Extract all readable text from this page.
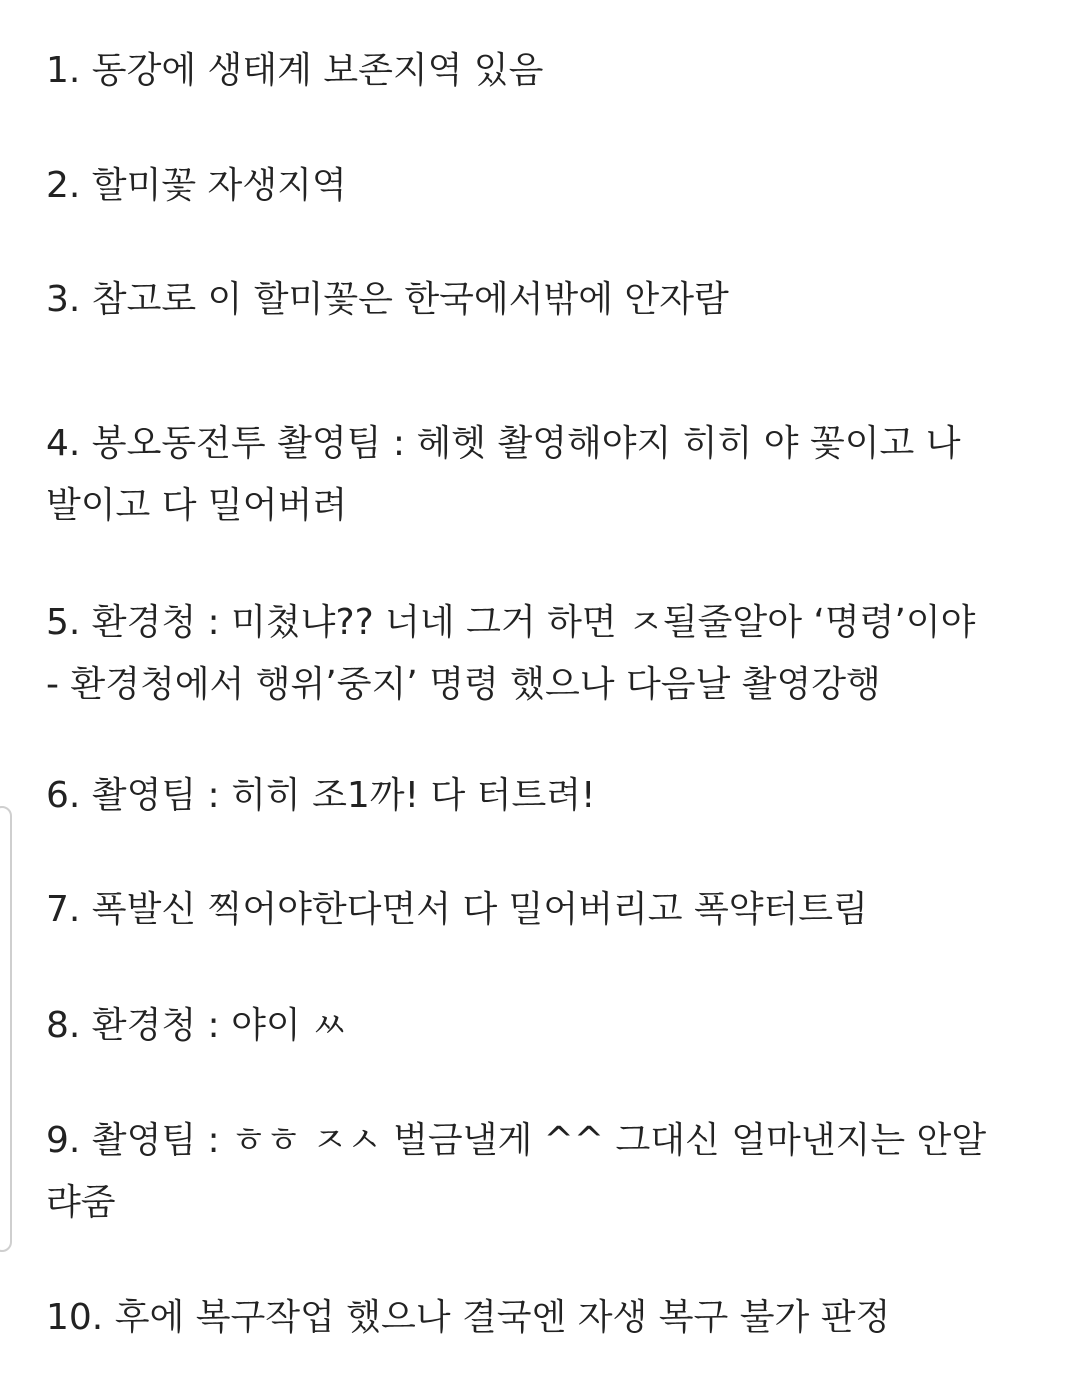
1. 동강에 생태계 보존지역 있음
2. 할미꽃 자생지역
3. 참고로 이 할미꽃은 한국에서밖에 안자람
4. 봉오동전투 촬영팀 : 헤헷 촬영해야지 히히 야 꽃이고 나
발이고 다 밀어버려
5. 환경청 : 미쳤냐?? 너네 그거 하면 ㅈ될줄알아 ‘명령’이야
- 환경청에서 행위’중지’ 명령 했으나 다음날 촬영강행
6. 촬영팀 : 히히 조1까! 다 터트려!
7. 폭발신 찍어야한다면서 다 밀어버리고 폭약터트림
8. 환경청 : 야이 ㅆ
9. 촬영팀 : ㅎㅎ ㅈㅅ 벌금낼게 ^^ 그대신 얼마낸지는 안알
랴줌
10. 후에 복구작업 했으나 결국엔 자생 복구 불가 판정
